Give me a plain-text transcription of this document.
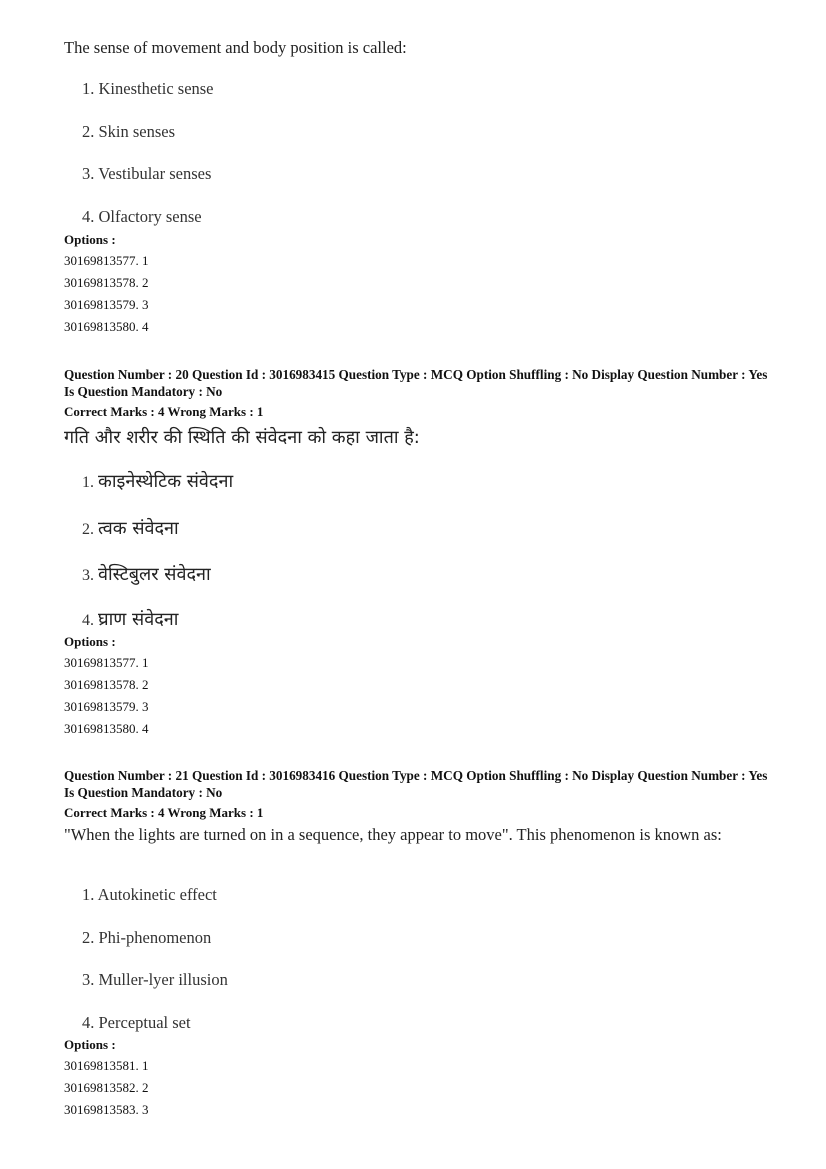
The sense of movement and body position is called:
1. Kinesthetic sense
2. Skin senses
3. Vestibular senses
4. Olfactory sense
Options :
30169813577. 1
30169813578. 2
30169813579. 3
30169813580. 4
Question Number : 20 Question Id : 3016983415 Question Type : MCQ Option Shuffling : No Display Question Number : Yes Is Question Mandatory : No
Correct Marks : 4 Wrong Marks : 1
गति और शरीर की स्थिति की संवेदना को कहा जाता है:
1. काइनेस्थेटिक संवेदना
2. त्वक संवेदना
3. वेस्टिबुलर संवेदना
4. घ्राण संवेदना
Options :
30169813577. 1
30169813578. 2
30169813579. 3
30169813580. 4
Question Number : 21 Question Id : 3016983416 Question Type : MCQ Option Shuffling : No Display Question Number : Yes Is Question Mandatory : No
Correct Marks : 4 Wrong Marks : 1
"When the lights are turned on in a sequence, they appear to move". This phenomenon is known as:
1. Autokinetic effect
2. Phi-phenomenon
3. Muller-lyer illusion
4. Perceptual set
Options :
30169813581. 1
30169813582. 2
30169813583. 3
